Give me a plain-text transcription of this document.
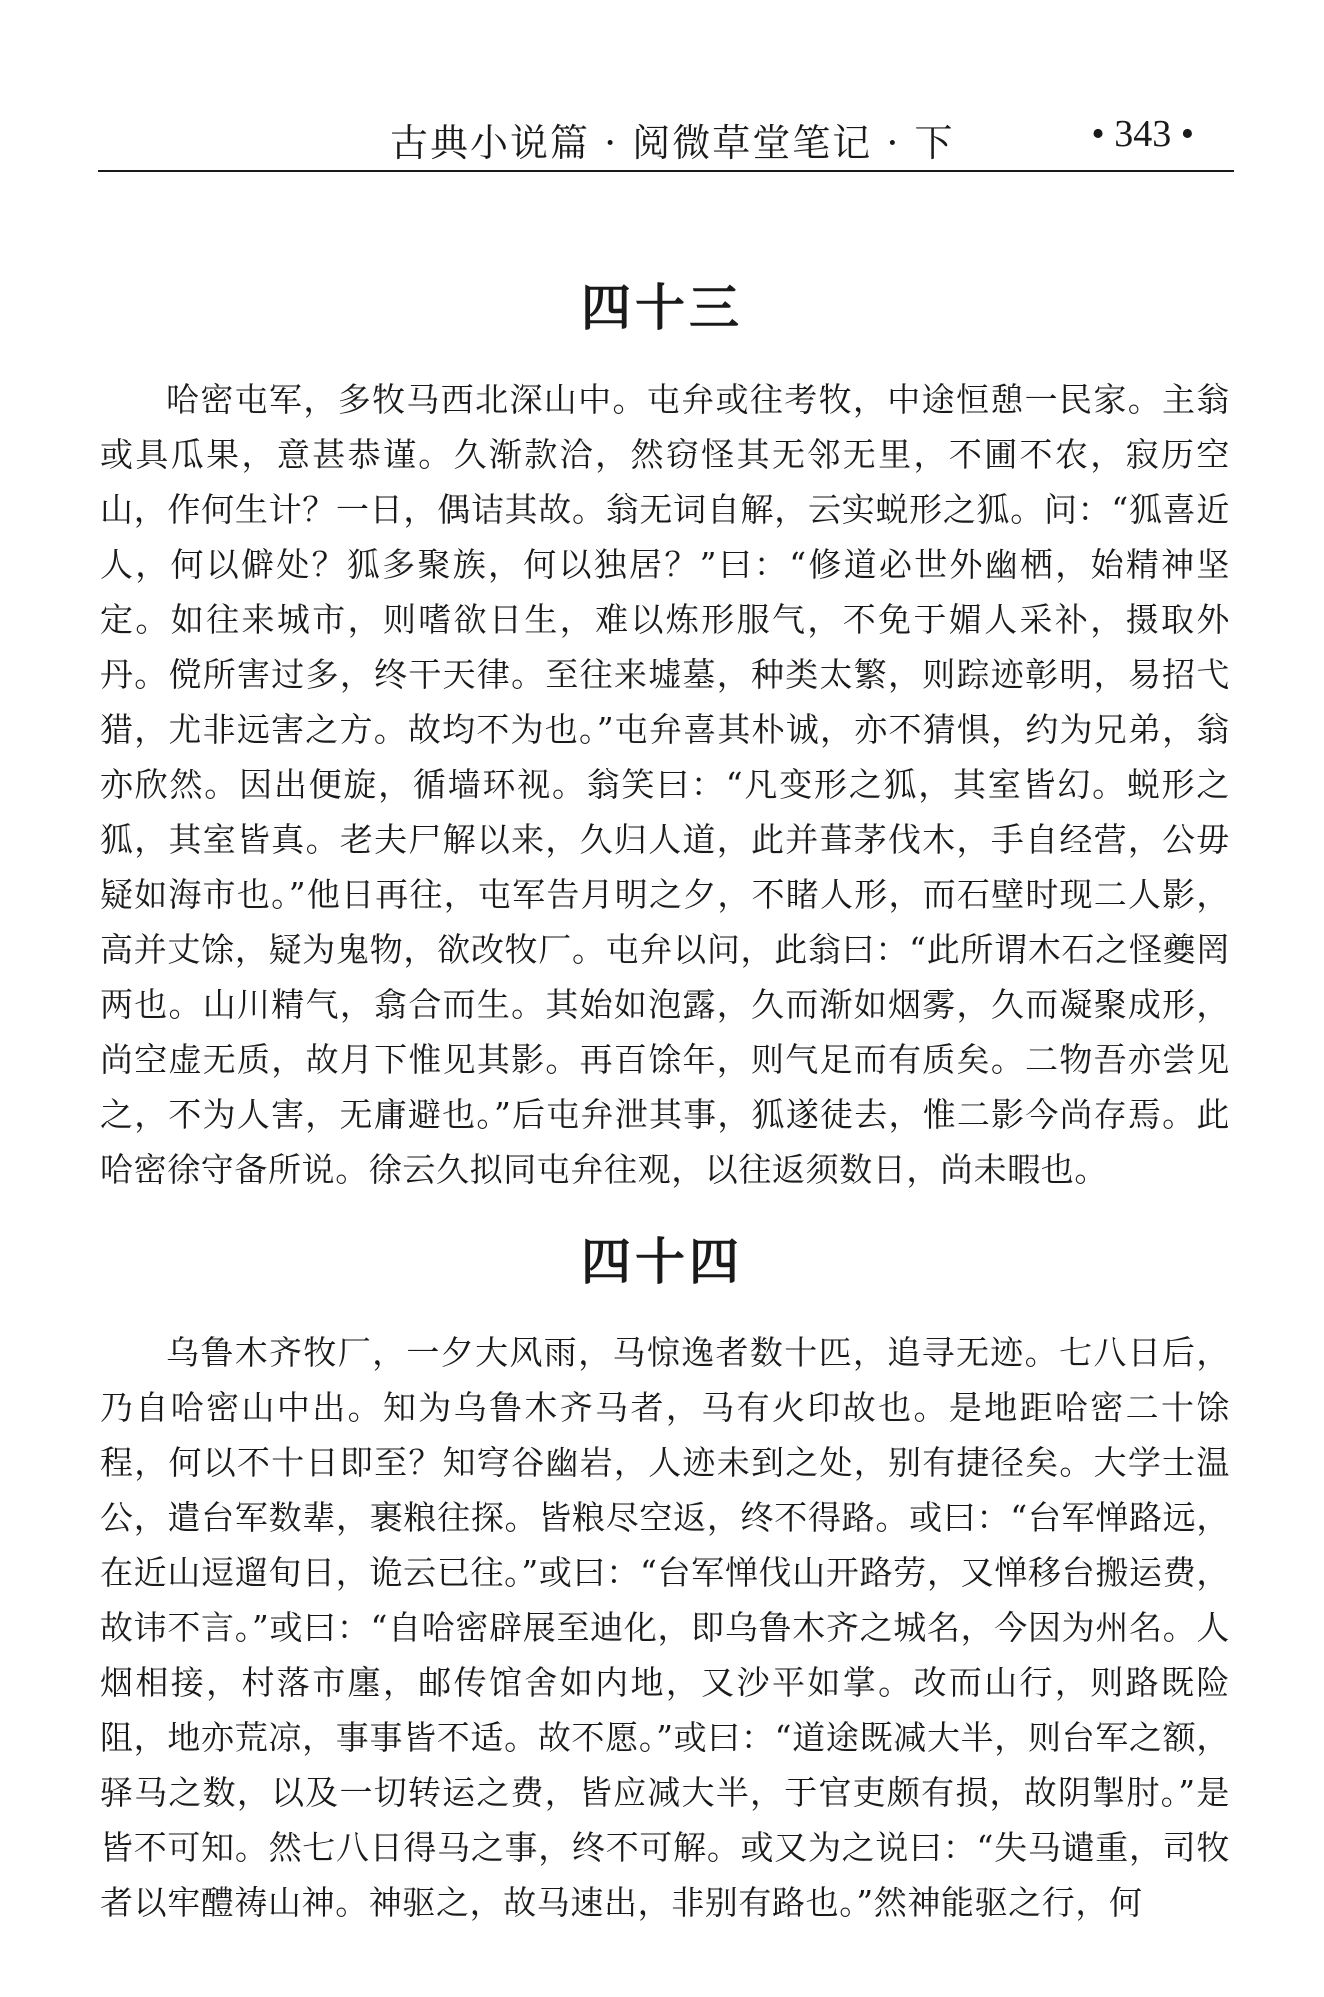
古典小说篇 · 阅微草堂笔记 · 下	• 343 •
四十三

哈密屯军，多牧马西北深山中。屯弁或往考牧，中途恒憩一民家。主翁或具瓜果，意甚恭谨。久渐款洽，然窃怪其无邻无里，不圃不农，寂历空山，作何生计？一日，偶诘其故。翁无词自解，云实蜕形之狐。问：“狐喜近人，何以僻处？狐多聚族，何以独居？”曰：“修道必世外幽栖，始精神坚定。如往来城市，则嗜欲日生，难以炼形服气，不免于媚人采补，摄取外丹。傥所害过多，终干天律。至往来墟墓，种类太繁，则踪迹彰明，易招弋猎，尤非远害之方。故均不为也。”屯弁喜其朴诚，亦不猜惧，约为兄弟，翁亦欣然。因出便旋，循墙环视。翁笑曰：“凡变形之狐，其室皆幻。蜕形之狐，其室皆真。老夫尸解以来，久归人道，此并葺茅伐木，手自经营，公毋疑如海市也。”他日再往，屯军告月明之夕，不睹人形，而石壁时现二人影，高并丈馀，疑为鬼物，欲改牧厂。屯弁以问，此翁曰：“此所谓木石之怪夔罔两也。山川精气，翕合而生。其始如泡露，久而渐如烟雾，久而凝聚成形，尚空虚无质，故月下惟见其影。再百馀年，则气足而有质矣。二物吾亦尝见之，不为人害，无庸避也。”后屯弁泄其事，狐遂徒去，惟二影今尚存焉。此哈密徐守备所说。徐云久拟同屯弁往观，以往返须数日，尚未暇也。

四十四

乌鲁木齐牧厂，一夕大风雨，马惊逸者数十匹，追寻无迹。七八日后，乃自哈密山中出。知为乌鲁木齐马者，马有火印故也。是地距哈密二十馀程，何以不十日即至？知穹谷幽岩，人迹未到之处，别有捷径矣。大学士温公，遣台军数辈，裹粮往探。皆粮尽空返，终不得路。或曰：“台军惮路远，在近山逗遛旬日，诡云已往。”或曰：“台军惮伐山开路劳，又惮移台搬运费，故讳不言。”或曰：“自哈密辟展至迪化，即乌鲁木齐之城名，今因为州名。人烟相接，村落市廛，邮传馆舍如内地，又沙平如掌。改而山行，则路既险阻，地亦荒凉，事事皆不适。故不愿。”或曰：“道途既减大半，则台军之额，驿马之数，以及一切转运之费，皆应减大半，于官吏颇有损，故阴掣肘。”是皆不可知。然七八日得马之事，终不可解。或又为之说曰：“失马谴重，司牧者以牢醴祷山神。神驱之，故马速出，非别有路也。”然神能驱之行，何
